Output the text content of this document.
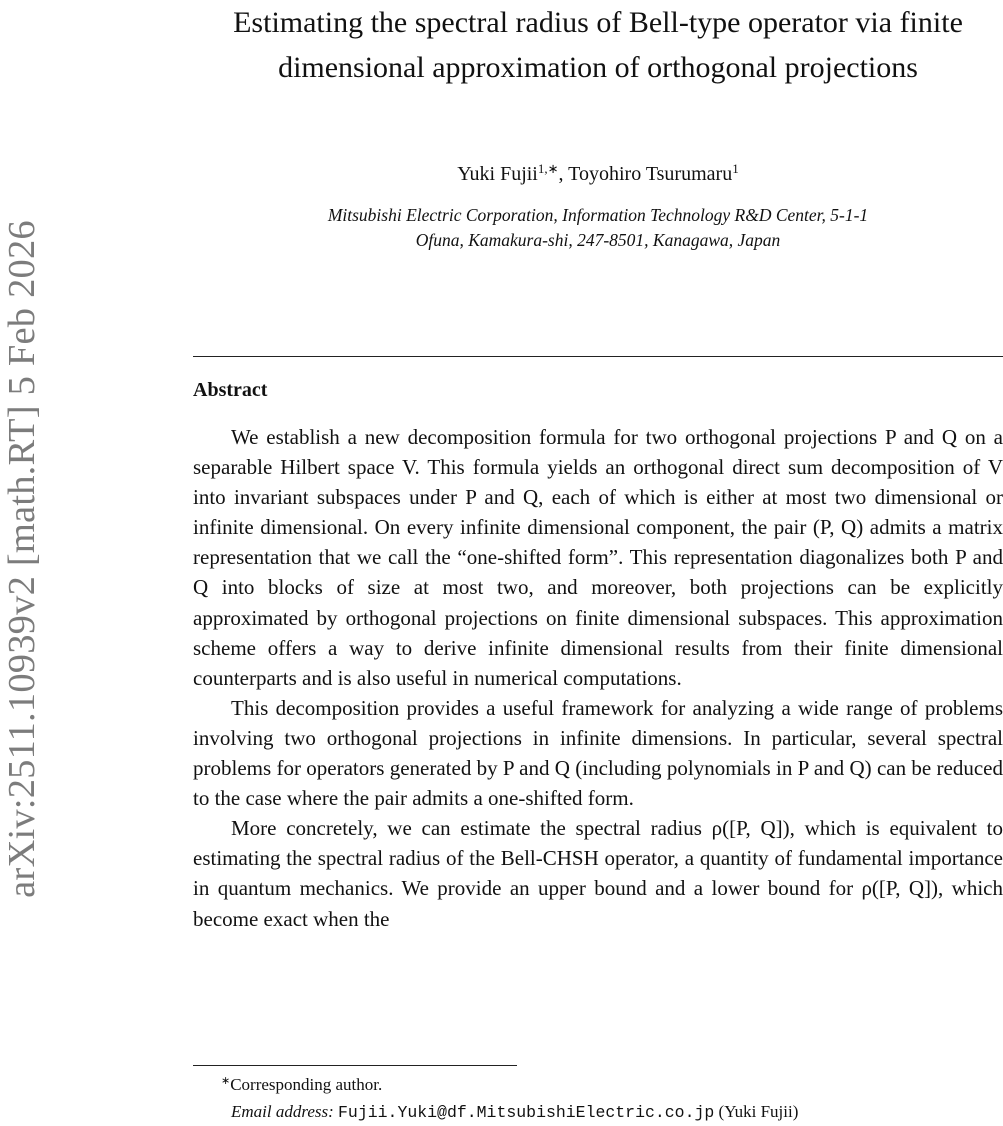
arXiv:2511.10939v2 [math.RT] 5 Feb 2026
Estimating the spectral radius of Bell-type operator via finite dimensional approximation of orthogonal projections
Yuki Fujii$^{1,∗}$, Toyohiro Tsurumaru$^1$
Mitsubishi Electric Corporation, Information Technology R&D Center, 5-1-1
Ofuna, Kamakura-shi, 247-8501, Kanagawa, Japan
Abstract

We establish a new decomposition formula for two orthogonal projections P and Q on a separable Hilbert space V. This formula yields an orthogonal direct sum decomposition of V into invariant subspaces under P and Q, each of which is either at most two dimensional or infinite dimensional. On every infinite dimensional component, the pair (P, Q) admits a matrix representation that we call the “one-shifted form”. This representation diagonalizes both P and Q into blocks of size at most two, and moreover, both projections can be explicitly approximated by orthogonal projections on finite dimensional subspaces. This approximation scheme offers a way to derive infinite dimensional results from their finite dimensional counterparts and is also useful in numerical computations.

This decomposition provides a useful framework for analyzing a wide range of problems involving two orthogonal projections in infinite dimensions. In particular, several spectral problems for operators generated by P and Q (including polynomials in P and Q) can be reduced to the case where the pair admits a one-shifted form.

More concretely, we can estimate the spectral radius ρ([P, Q]), which is equivalent to estimating the spectral radius of the Bell-CHSH operator, a quantity of fundamental importance in quantum mechanics. We provide an upper bound and a lower bound for ρ([P, Q]), which become exact when the

∗Corresponding author.
Email address: Fujii.Yuki@df.MitsubishiElectric.co.jp (Yuki Fujii)
